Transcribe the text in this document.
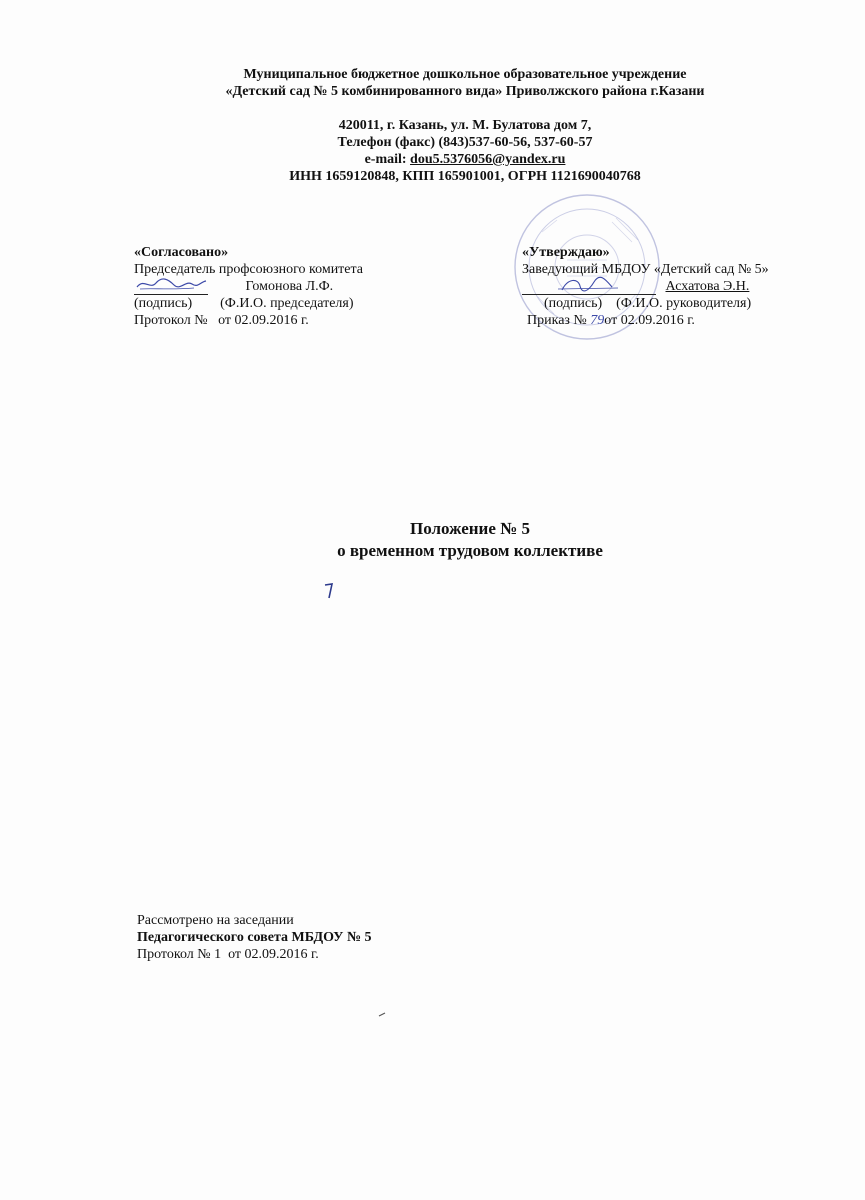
Муниципальное бюджетное дошкольное образовательное учреждение
«Детский сад № 5 комбинированного вида» Приволжского района г.Казани
420011, г. Казань, ул. М. Булатова дом 7,
Телефон (факс) (843)537-60-56, 537-60-57
e-mail: dou5.5376056@yandex.ru
ИНН 1659120848, КПП 165901001, ОГРН 1121690040768
«Согласовано»
Председатель профсоюзного комитета
Гомонова Л.Ф.
(подпись)        (Ф.И.О. председателя)
Протокол №   от 02.09.2016 г.
«Утверждаю»
Заведующий МБДОУ «Детский сад № 5»
Асхатова Э.Н.
(подпись)    (Ф.И.О. руководителя)
Приказ № 79от 02.09.2016 г.
Положение № 5
о временном трудовом коллективе
Рассмотрено на заседании
Педагогического совета МБДОУ № 5
Протокол № 1  от 02.09.2016 г.
